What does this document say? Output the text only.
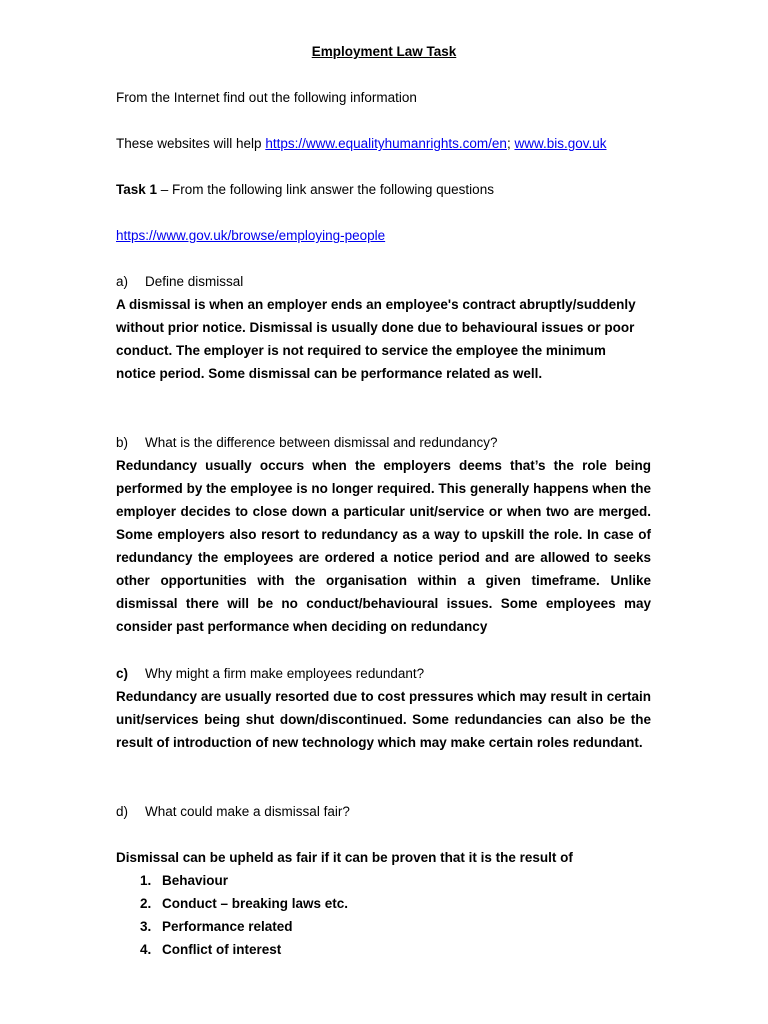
Employment Law Task
From the Internet find out the following information
These websites will help https://www.equalityhumanrights.com/en; www.bis.gov.uk
Task 1 – From the following link answer the following questions
https://www.gov.uk/browse/employing-people
a) Define dismissal
A dismissal is when an employer ends an employee's contract abruptly/suddenly without prior notice. Dismissal is usually done due to behavioural issues or poor conduct. The employer is not required to service the employee the minimum notice period. Some dismissal can be performance related as well.
b) What is the difference between dismissal and redundancy?
Redundancy usually occurs when the employers deems that’s the role being performed by the employee is no longer required. This generally happens when the employer decides to close down a particular unit/service or when two are merged. Some employers also resort to redundancy as a way to upskill the role. In case of redundancy the employees are ordered a notice period and are allowed to seeks other opportunities with the organisation within a given timeframe. Unlike dismissal there will be no conduct/behavioural issues. Some employees may consider past performance when deciding on redundancy
c) Why might a firm make employees redundant?
Redundancy are usually resorted due to cost pressures which may result in certain unit/services being shut down/discontinued. Some redundancies can also be the result of introduction of new technology which may make certain roles redundant.
d) What could make a dismissal fair?
Dismissal can be upheld as fair if it can be proven that it is the result of
1. Behaviour
2. Conduct – breaking laws etc.
3. Performance related
4. Conflict of interest
